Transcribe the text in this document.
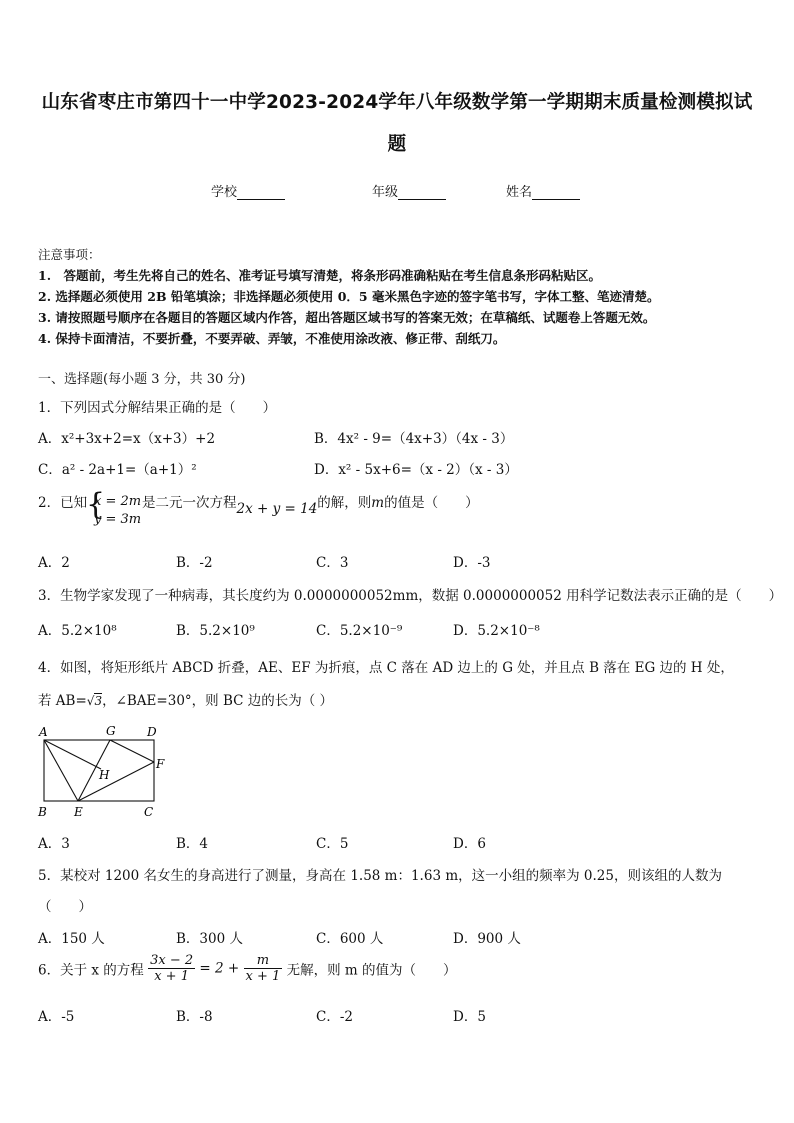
山东省枣庄市第四十一中学2023-2024学年八年级数学第一学期期末质量检测模拟试
题
学校	年级	姓名
注意事项：
1.　答题前，考生先将自己的姓名、准考证号填写清楚，将条形码准确粘贴在考生信息条形码粘贴区。
2. 选择题必须使用 2B 铅笔填涂；非选择题必须使用 0．5 毫米黑色字迹的签字笔书写，字体工整、笔迹清楚。
3. 请按照题号顺序在各题目的答题区域内作答，超出答题区域书写的答案无效；在草稿纸、试题卷上答题无效。
4. 保持卡面清洁，不要折叠，不要弄破、弄皱，不准使用涂改液、修正带、刮纸刀。
一、选择题(每小题 3 分，共 30 分)
1．下列因式分解结果正确的是（　　）
A．x²+3x+2=x（x+3）+2	B．4x² - 9=（4x+3）（4x - 3）
C．a² - 2a+1=（a+1）²	D．x² - 5x+6=（x - 2）（x - 3）
2．已知
{
x = 2m
y = 3m
是二元一次方程2x + y = 14的解，则m的值是（　　）
A．2	B．-2	C．3	D．-3
3．生物学家发现了一种病毒，其长度约为 0.0000000052mm，数据 0.0000000052 用科学记数法表示正确的是（　　）
A．5.2×10⁸	B．5.2×10⁹	C．5.2×10⁻⁹	D．5.2×10⁻⁸
4．如图，将矩形纸片 ABCD 折叠，AE、EF 为折痕，点 C 落在 AD 边上的 G 处，并且点 B 落在 EG 边的 H 处，
若 AB=√3，∠BAE=30°，则 BC 边的长为（ ）
A	G	D
F
H
B E	C
A．3	B．4	C．5	D．6
5．某校对 1200 名女生的身高进行了测量，身高在 1.58 m：1.63 m，这一小组的频率为 0.25，则该组的人数为
（　　）
A．150 人	B．300 人	C．600 人	D．900 人
6．关于 x 的方程 $\frac{3x - 2}{x + 1} = 2 + \frac{m}{x + 1}$ 无解，则 m 的值为（　　）
A．-5	B．-8	C．-2	D．5
